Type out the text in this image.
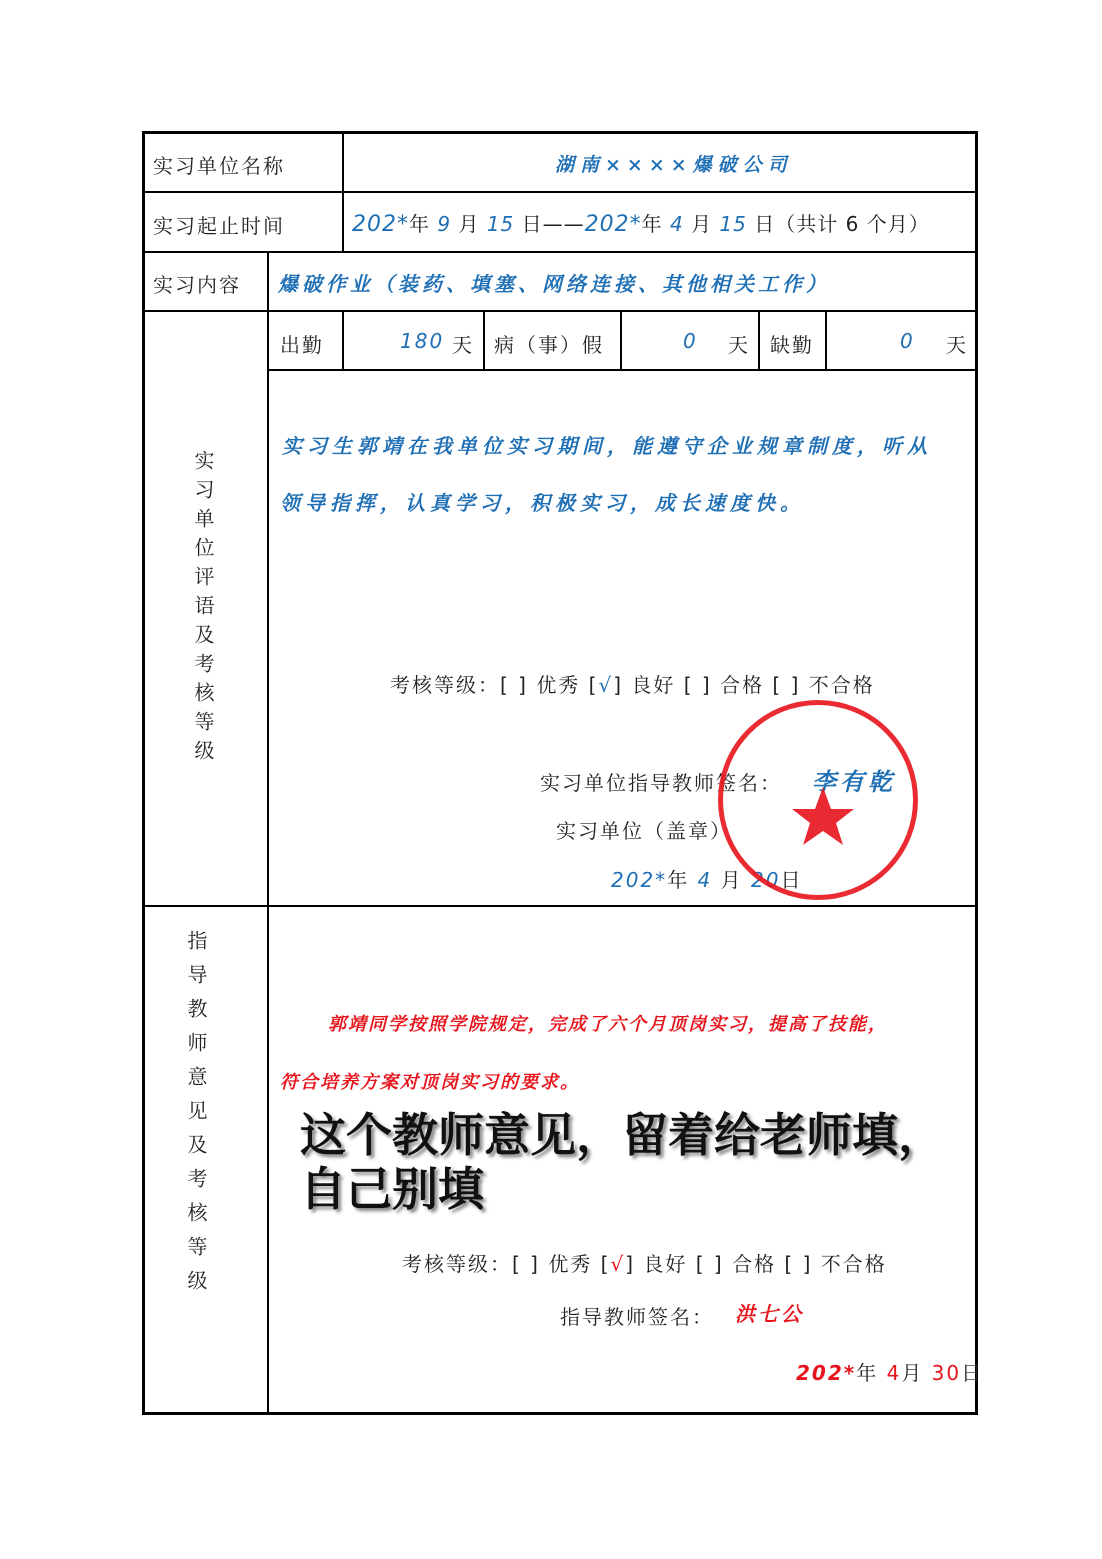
实习单位名称	湖南××××爆破公司
实习起止时间	202*年 9 月 15 日——202*年 4 月 15 日（共计 6 个月）
实习内容 爆破作业（装药、填塞、网络连接、其他相关工作）
出勤	180 天 病（事）假	0 天 缺勤	0 天
实习单位评语及考核等级
实习生郭靖在我单位实习期间，能遵守企业规章制度，听从
领导指挥，认真学习，积极实习，成长速度快。
考核等级：[ ] 优秀 [√] 良好 [ ] 合格 [ ] 不合格
实习单位指导教师签名： 李有乾
实习单位（盖章）
202*年 4 月 20日
指导教师意见及考核等级	郭靖同学按照学院规定，完成了六个月顶岗实习，提高了技能，
符合培养方案对顶岗实习的要求。
这个教师意见，留着给老师填，自己别填
考核等级：[ ] 优秀 [√] 良好 [ ] 合格 [ ] 不合格
指导教师签名： 洪七公
202*年 4月 30日
